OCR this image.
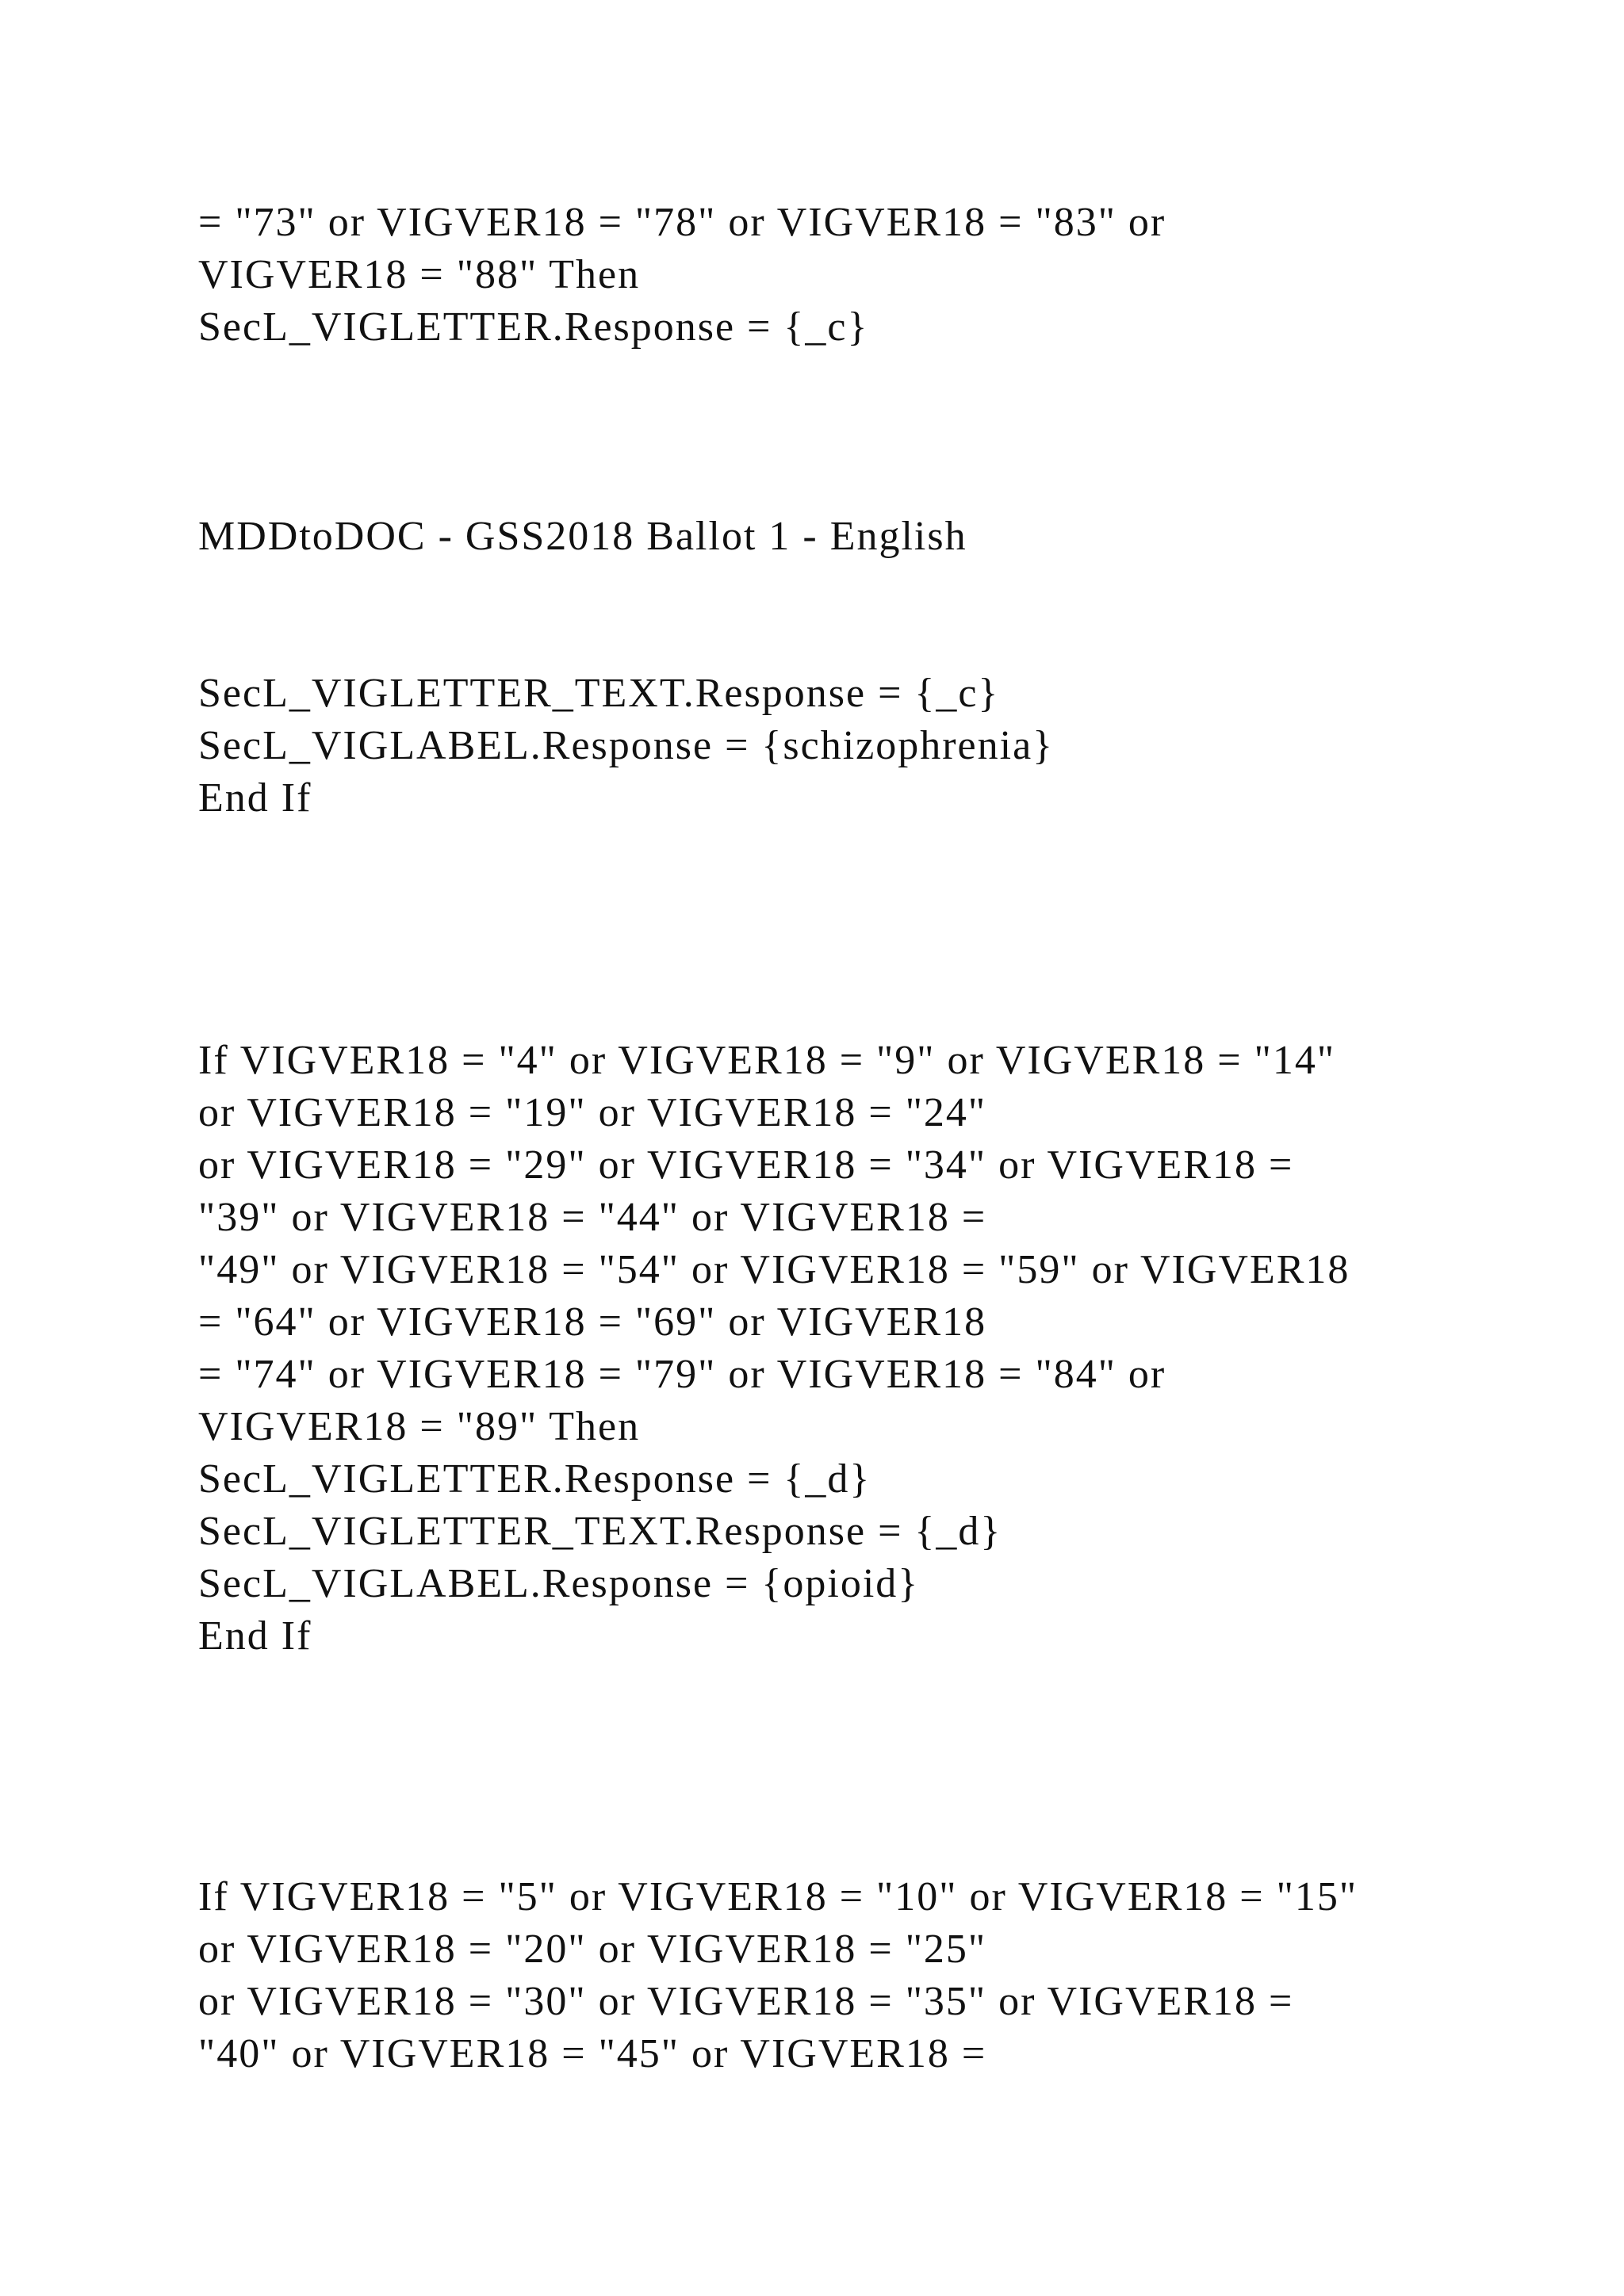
= "73" or VIGVER18 = "78" or VIGVER18 = "83" or
VIGVER18 = "88" Then
SecL_VIGLETTER.Response = {_c}
MDDtoDOC - GSS2018 Ballot 1 - English
SecL_VIGLETTER_TEXT.Response = {_c}
SecL_VIGLABEL.Response = {schizophrenia}
End If
If VIGVER18 = "4" or VIGVER18 = "9" or VIGVER18 = "14"
or VIGVER18 = "19" or VIGVER18 = "24"
or VIGVER18 = "29" or VIGVER18 = "34" or VIGVER18 =
"39" or VIGVER18 = "44" or VIGVER18 =
"49" or VIGVER18 = "54" or VIGVER18 = "59" or VIGVER18
= "64" or VIGVER18 = "69" or VIGVER18
= "74" or VIGVER18 = "79" or VIGVER18 = "84" or
VIGVER18 = "89" Then
SecL_VIGLETTER.Response = {_d}
SecL_VIGLETTER_TEXT.Response = {_d}
SecL_VIGLABEL.Response = {opioid}
End If
If VIGVER18 = "5" or VIGVER18 = "10" or VIGVER18 = "15"
or VIGVER18 = "20" or VIGVER18 = "25"
or VIGVER18 = "30" or VIGVER18 = "35" or VIGVER18 =
"40" or VIGVER18 = "45" or VIGVER18 =
